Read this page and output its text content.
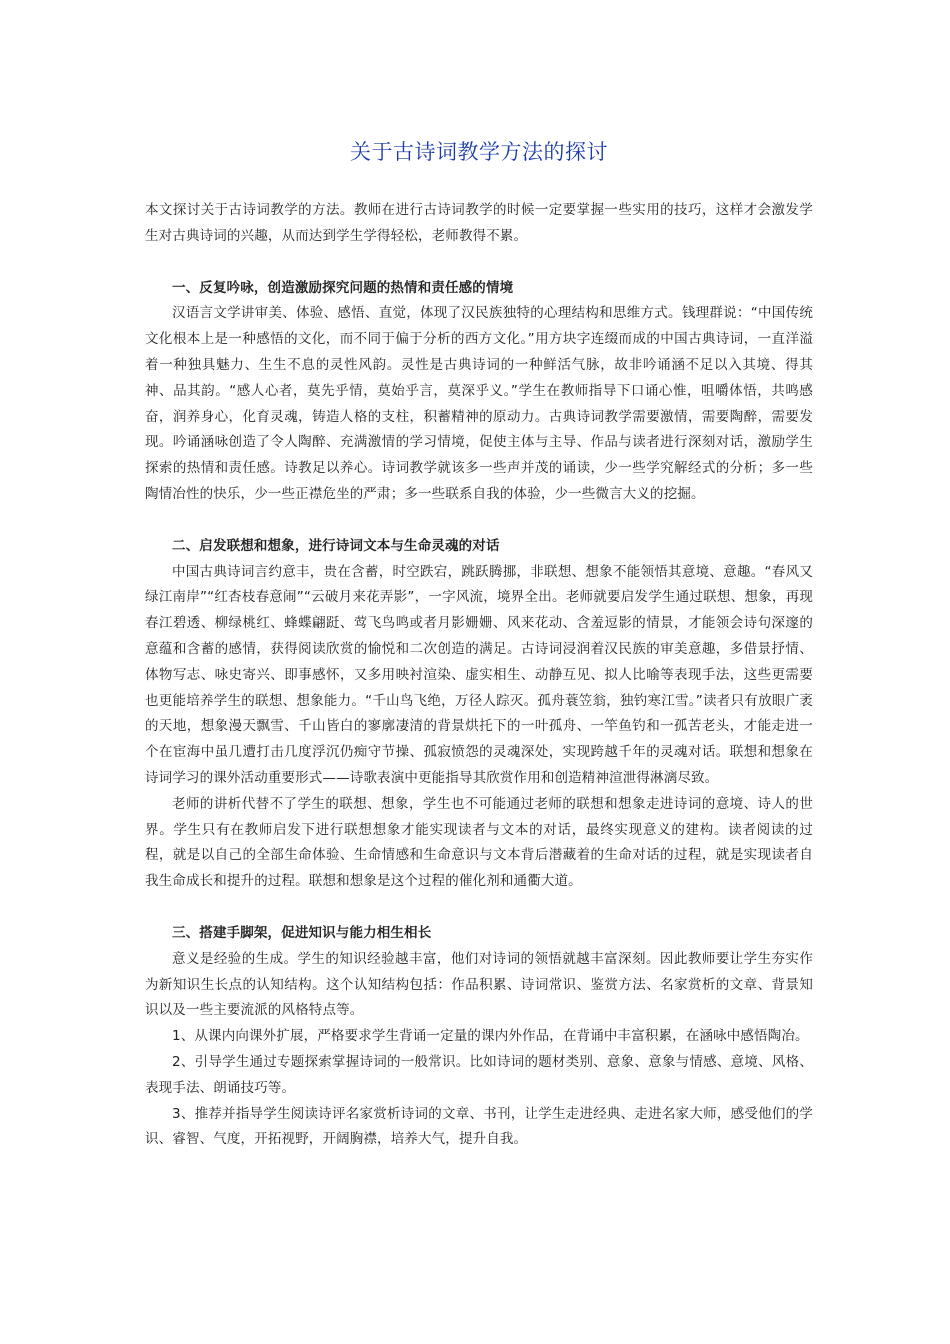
关于古诗词教学方法的探讨

本文探讨关于古诗词教学的方法。教师在进行古诗词教学的时候一定要掌握一些实用的技巧，这样才会激发学生对古典诗词的兴趣，从而达到学生学得轻松，老师教得不累。

一、反复吟咏，创造激励探究问题的热情和责任感的情境

汉语言文学讲审美、体验、感悟、直觉，体现了汉民族独特的心理结构和思维方式。钱理群说：“中国传统文化根本上是一种感悟的文化，而不同于偏于分析的西方文化。”用方块字连缀而成的中国古典诗词，一直洋溢着一种独具魅力、生生不息的灵性风韵。灵性是古典诗词的一种鲜活气脉，故非吟诵涵不足以入其境、得其神、品其韵。“感人心者，莫先乎情，莫始乎言，莫深乎义。”学生在教师指导下口诵心惟，咀嚼体悟，共鸣感奋，润养身心，化育灵魂，铸造人格的支柱，积蓄精神的原动力。古典诗词教学需要激情，需要陶醉，需要发现。吟诵涵咏创造了令人陶醉、充满激情的学习情境，促使主体与主导、作品与读者进行深刻对话，激励学生探索的热情和责任感。诗教足以养心。诗词教学就该多一些声并茂的诵读，少一些学究解经式的分析；多一些陶情冶性的快乐，少一些正襟危坐的严肃；多一些联系自我的体验，少一些微言大义的挖掘。

二、启发联想和想象，进行诗词文本与生命灵魂的对话

中国古典诗词言约意丰，贵在含蓄，时空跌宕，跳跃腾挪，非联想、想象不能领悟其意境、意趣。“春风又绿江南岸”“红杏枝春意闹”“云破月来花弄影”，一字风流，境界全出。老师就要启发学生通过联想、想象，再现春江碧透、柳绿桃红、蜂蝶翩跹、莺飞鸟鸣或者月影姗姗、风来花动、含羞逗影的情景，才能领会诗句深邃的意蕴和含蓄的感情，获得阅读欣赏的愉悦和二次创造的满足。古诗词浸润着汉民族的审美意趣，多借景抒情、体物写志、咏史寄兴、即事感怀，又多用映衬渲染、虚实相生、动静互见、拟人比喻等表现手法，这些更需要也更能培养学生的联想、想象能力。“千山鸟飞绝，万径人踪灭。孤舟蓑笠翁，独钓寒江雪。”读者只有放眼广袤的天地，想象漫天飘雪、千山皆白的寥廓凄清的背景烘托下的一叶孤舟、一竿鱼钓和一孤苦老头，才能走进一个在宦海中虽几遭打击几度浮沉仍痴守节操、孤寂愤怨的灵魂深处，实现跨越千年的灵魂对话。联想和想象在诗词学习的课外活动重要形式——诗歌表演中更能指导其欣赏作用和创造精神渲泄得淋漓尽致。

老师的讲析代替不了学生的联想、想象，学生也不可能通过老师的联想和想象走进诗词的意境、诗人的世界。学生只有在教师启发下进行联想想象才能实现读者与文本的对话，最终实现意义的建构。读者阅读的过程，就是以自己的全部生命体验、生命情感和生命意识与文本背后潜藏着的生命对话的过程，就是实现读者自我生命成长和提升的过程。联想和想象是这个过程的催化剂和通衢大道。

三、搭建手脚架，促进知识与能力相生相长

意义是经验的生成。学生的知识经验越丰富，他们对诗词的领悟就越丰富深刻。因此教师要让学生夯实作为新知识生长点的认知结构。这个认知结构包括：作品积累、诗词常识、鉴赏方法、名家赏析的文章、背景知识以及一些主要流派的风格特点等。

1、从课内向课外扩展，严格要求学生背诵一定量的课内外作品，在背诵中丰富积累，在涵咏中感悟陶冶。

2、引导学生通过专题探索掌握诗词的一般常识。比如诗词的题材类别、意象、意象与情感、意境、风格、表现手法、朗诵技巧等。

3、推荐并指导学生阅读诗评名家赏析诗词的文章、书刊，让学生走进经典、走进名家大师，感受他们的学识、睿智、气度，开拓视野，开阔胸襟，培养大气，提升自我。
